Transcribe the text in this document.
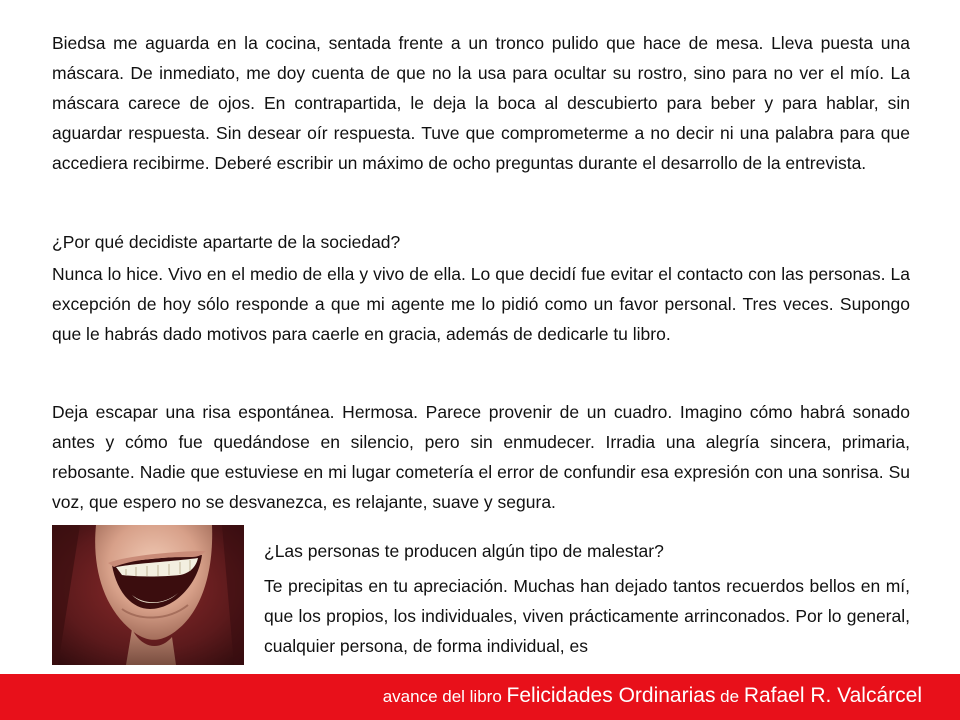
Biedsa me aguarda en la cocina, sentada frente a un tronco pulido que hace de mesa. Lleva puesta una máscara. De inmediato, me doy cuenta de que no la usa para ocultar su rostro, sino para no ver el mío. La máscara carece de ojos. En contrapartida, le deja la boca al descubierto para beber y para hablar, sin aguardar respuesta. Sin desear oír respuesta. Tuve que comprometerme a no decir ni una palabra para que accediera recibirme. Deberé escribir un máximo de ocho preguntas durante el desarrollo de la entrevista.

¿Por qué decidiste apartarte de la sociedad?

Nunca lo hice. Vivo en el medio de ella y vivo de ella. Lo que decidí fue evitar el contacto con las personas. La excepción de hoy sólo responde a que mi agente me lo pidió como un favor personal. Tres veces. Supongo que le habrás dado motivos para caerle en gracia, además de dedicarle tu libro.

Deja escapar una risa espontánea. Hermosa. Parece provenir de un cuadro. Imagino cómo habrá sonado antes y cómo fue quedándose en silencio, pero sin enmudecer. Irradia una alegría sincera, primaria, rebosante. Nadie que estuviese en mi lugar cometería el error de confundir esa expresión con una sonrisa. Su voz, que espero no se desvanezca, es relajante, suave y segura.

¿Las personas te producen algún tipo de malestar?

Te precipitas en tu apreciación. Muchas han dejado tantos recuerdos bellos en mí, que los propios, los individuales, viven prácticamente arrinconados. Por lo general, cualquier persona, de forma individual, es

avance del libro Felicidades Ordinarias de Rafael R. Valcárcel
